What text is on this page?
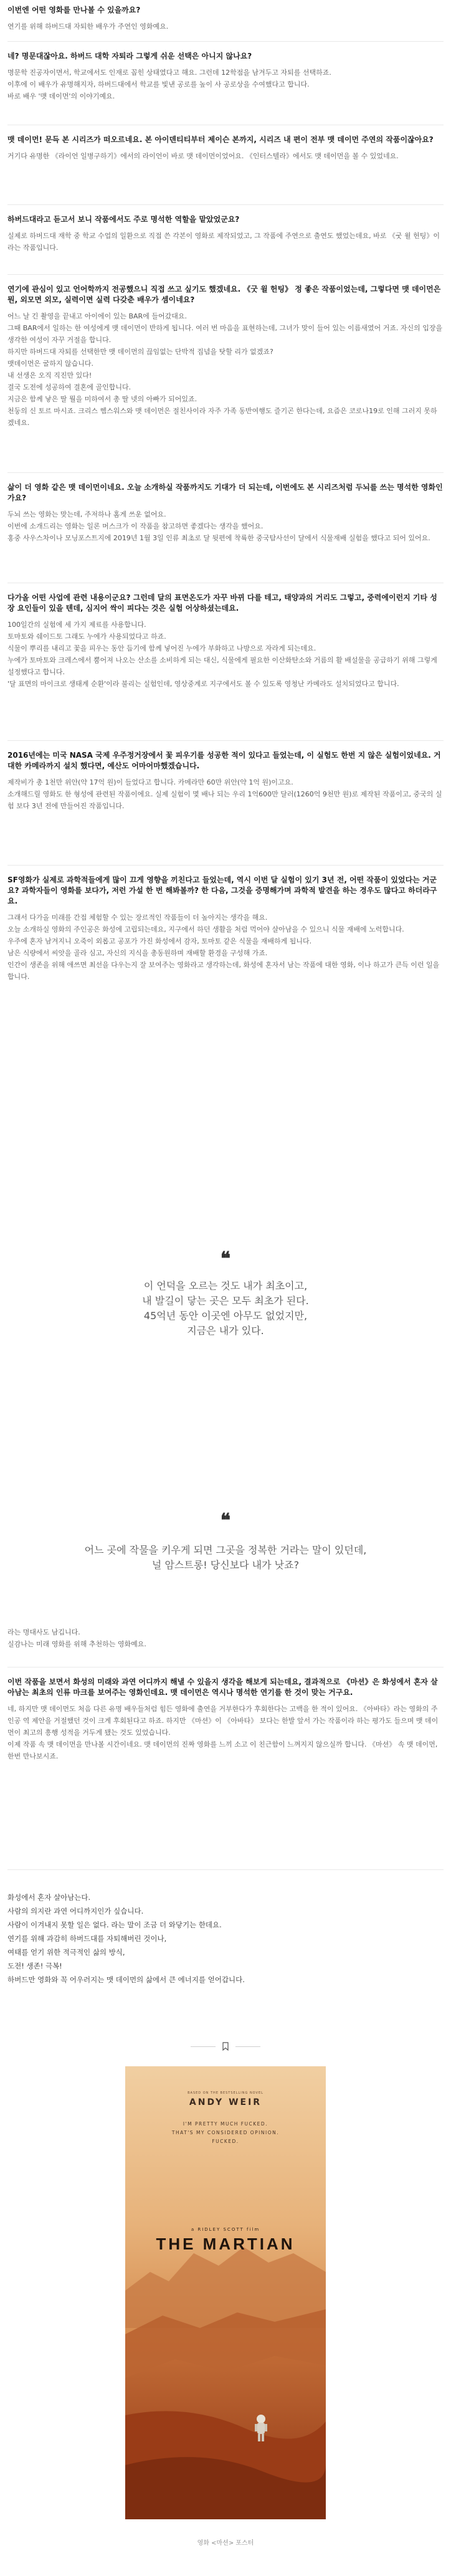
이번엔 어떤 영화를 만나볼 수 있을까요?

연기를 위해 하버드대 자퇴한 배우가 주연인 영화예요.

네? 명문대잖아요. 하버드 대학 자퇴라 그렇게 쉬운 선택은 아니지 않나요?

명문학 진공자이면서, 학교에서도 인재로 꼽힌 상태였다고 해요. 그런데 12학점을 남겨두고 자퇴를 선택하죠.
이후에 이 배우가 유명해지자, 하버드대에서 학교를 빛낸 공로를 높이 사 공로상을 수여했다고 합니다.
바로 배우 '맷 데이먼'의 이야기예요.

맷 데이먼! 문득 본 시리즈가 떠오르네요. 본 아이덴티티부터 제이슨 본까지, 시리즈 내 편이 전부 맷 데이먼 주연의 작품이잖아요?

거기다 유명한 《라이언 일병구하기》에서의 라이언이 바로 맷 데이먼이었어요. 《인터스텔라》에서도 맷 데이먼을 볼 수 있었네요.

하버드대라고 듣고서 보니 작품에서도 주로 명석한 역할을 맡았었군요?

실제로 하버드대 재학 중 학교 수업의 일환으로 직접 쓴 각본이 영화로 제작되었고, 그 작품에 주연으로 출연도 했었는데요, 바로 《굿 윌 헌팅》이라는 작품입니다.

연기에 관심이 있고 언어학까지 전공했으니 직접 쓰고 싶기도 했겠네요. 《굿 윌 헌팅》 정 좋은 작품이었는데, 그렇다면 맷 데이먼은 뭔, 외모면 외모, 실력이면 실력 다갖춘 배우가 셈이네요?

어느 날 긴 촬영을 끝내고 아이에이 있는 BAR에 들어갔대요.
그때 BAR에서 일하는 한 여성에게 맷 데이먼이 반하게 됩니다. 여러 번 마음을 표현하는데, 그녀가 맞이 들어 있는 이름새였어 거죠. 자신의 입장을 생각한 여성이 자꾸 거절을 합니다.
하지만 하버드대 자퇴를 선택한만 맷 데이먼의 끊임없는 단박적 집념을 탓할 리가 없겠죠?
맷데이먼은 굴하지 않습니다.
내 선생은 오직 직진만 있다!
결국 도전에 성공하여 결혼에 골인합니다.
지금은 함께 낳은 딸 뭘을 미하여서 총 딸 넷의 아빠가 되어있죠.
천둥의 신 토르 마시죠. 크리스 헴스워스와 맷 데이먼은 절친사이라 자주 가족 동반여행도 즐기곤 한다는데, 요즘은 코로나19로 인해 그러지 못하겠네요.

삶이 더 영화 같은 맷 데이먼이네요. 오늘 소개하실 작품까지도 기대가 더 되는데, 이번에도 본 시리즈처럼 두뇌를 쓰는 명석한 영화인가요?

두뇌 쓰는 영화는 맞는데, 주저하나 홈게 쓰운 없어요.
이번에 소개드리는 영화는 일론 머스크가 이 작품을 참고하면 좋겠다는 생각을 했어요.
홍중 사우스차이나 모닝포스트지에 2019년 1월 3일 인류 최초로 달 뒷편에 착륙한 중국탐사선이 달에서 식물재배 실험을 했다고 되어 있어요.

다가올 어떤 사업에 관련 내용이군요? 그런데 달의 표면온도가 자꾸 바뀌 다를 테고, 태양과의 거리도 그렇고, 중력에이런지 기타 성장 요인들이 있을 텐데, 심지어 싹이 피다는 것은 실험 어상하셨는데요.

100일간의 실험에 세 가지 제료를 사용합니다.
토마토와 쉐이드토 그래도 누에가 사용되었다고 하죠.
식물이 뿌리를 내리고 꽃을 피우는 동안 듬기에 함께 넣어진 누에가 부화하고 나방으로 자라게 되는데요.
누에가 토마토와 크레스에서 뿜어져 나오는 산소를 소비하게 되는 대신, 식물에게 필요한 이산화탄소와 거름의 활 배설물을 공급하기 위해 그렇게 설정했다고 합니다.
'달 표면의 마이크로 생태계 순환'이라 불리는 실험인데, 영상중계로 지구에서도 볼 수 있도록 영청난 카메라도 설치되었다고 합니다.

2016년에는 미국 NASA 국제 우주정거장에서 꽃 피우기를 성공한 적이 있다고 들었는데, 이 실험도 한번 지 않은 실험이었네요. 거대한 카메라까지 설치 했다면, 예산도 어마어마했겠습니다.

제작비가 총 1천만 위안(약 17억 원)이 들었다고 합니다. 카메라만 60만 위안(약 1억 원)이고요.
소개해드릴 영화도 한 형성에 관련된 작품이에요. 실제 실험이 몇 배나 되는 우리 1억600만 달러(1260억 9천만 원)로 제작된 작품이고, 중국의 실험 보다 3년 전에 만들어진 작품입니다.

SF영화가 실제로 과학적들에게 많이 끄게 영향을 끼친다고 들었는데, 역시 이번 달 실험이 있기 3년 전, 어떤 작품이 있었다는 거군요? 과학자들이 영화를 보다가, 저런 가설 한 번 해봐볼까? 한 다음, 그것을 증명해가며 과학적 발견을 하는 경우도 많다고 하더라구요.

그래서 다가올 미래를 간접 체험할 수 있는 장르적인 작품들이 더 높아지는 생각을 해요.
오늘 소개하실 영화의 주인공은 화성에 고립되는데요, 지구에서 하던 생활을 처럼 먹어야 살아남을 수 있으니 식물 재배에 노력합니다.
우주에 혼자 남겨지니 오죽이 외롭고 공포가 가진 화성에서 감자, 토마토 같은 식물을 재배하게 됩니다.
남은 식량에서 씨앗을 골라 심고, 자신의 지식을 총동원하며 재배할 환경을 구성해 가죠.
인간이 생존을 위해 애쓰면 최선을 다우는지 잘 보여주는 영화라고 생각하는데, 화성에 혼자서 남는 작품에 대한 영화, 이나 하고가 큰득 이런 일을 합니다.

❝
이 언덕을 오르는 것도 내가 최초이고,
내 발길이 닿는 곳은 모두 최초가 된다.
45억년 동안 이곳엔 아무도 없었지만,
지금은 내가 있다.
❝
어느 곳에 작물을 키우게 되면 그곳을 정복한 거라는 말이 있던데,
널 암스트롱! 당신보다 내가 낫죠?

라는 명대사도 남깁니다.
실감나는 미래 영화를 위해 추천하는 영화예요.

이번 작품을 보면서 화성의 미래와 과연 어디까지 해낼 수 있을지 생각을 해보게 되는데요, 결과적으로 《마션》은 화성에서 혼자 살아남는 최초의 인류 마크를 보여주는 영화인데요. 맷 데이먼은 역시나 명석한 연기를 한 것이 맞는 거구요.

네, 하지만 맷 데이먼도 처음 다른 유명 배우들처럼 힘든 영화에 출연을 거부한다가 후회한다는 고백을 한 적이 있어요. 《아바타》라는 영화의 주인공 역 제안을 거절했던 것이 크게 후회된다고 하죠. 하지만 《마션》이 《아바타》 보다는 한발 앞서 가는 작품이라 하는 평가도 들으며 맷 데이먼이 최고의 흥행 성적을 거두게 됐는 것도 있었습니다.
이제 작품 속 맷 데이먼을 만나볼 시간이네요. 맷 데이먼의 진짜 영화를 느끼 소고 이 친근함이 느껴지지 않으실까 합니다. 《마션》 속 맷 데이먼, 한번 만나보시죠.

화성에서 혼자 살아남는다.
사람의 의지란 과연 어디까지인가 싶습니다.
사람이 이겨내지 못할 일은 없다. 라는 말이 조금 더 와닿기는 한데요.
연기를 위해 과감히 하버드대를 자퇴해버린 것이나,
여태를 얻기 위한 적극적인 삶의 방식,
도전! 생존! 극복!
하버드만 영화와 꼭 어우러지는 맷 데이먼의 삶에서 큰 에너지를 얻어갑니다.
BASED ON THE BESTSELLING NOVEL
ANDY WEIR
I'M PRETTY MUCH FUCKED.
THAT'S MY CONSIDERED OPINION.
FUCKED.
a RIDLEY SCOTT film
THE MARTIAN
영화 <마션> 포스터
